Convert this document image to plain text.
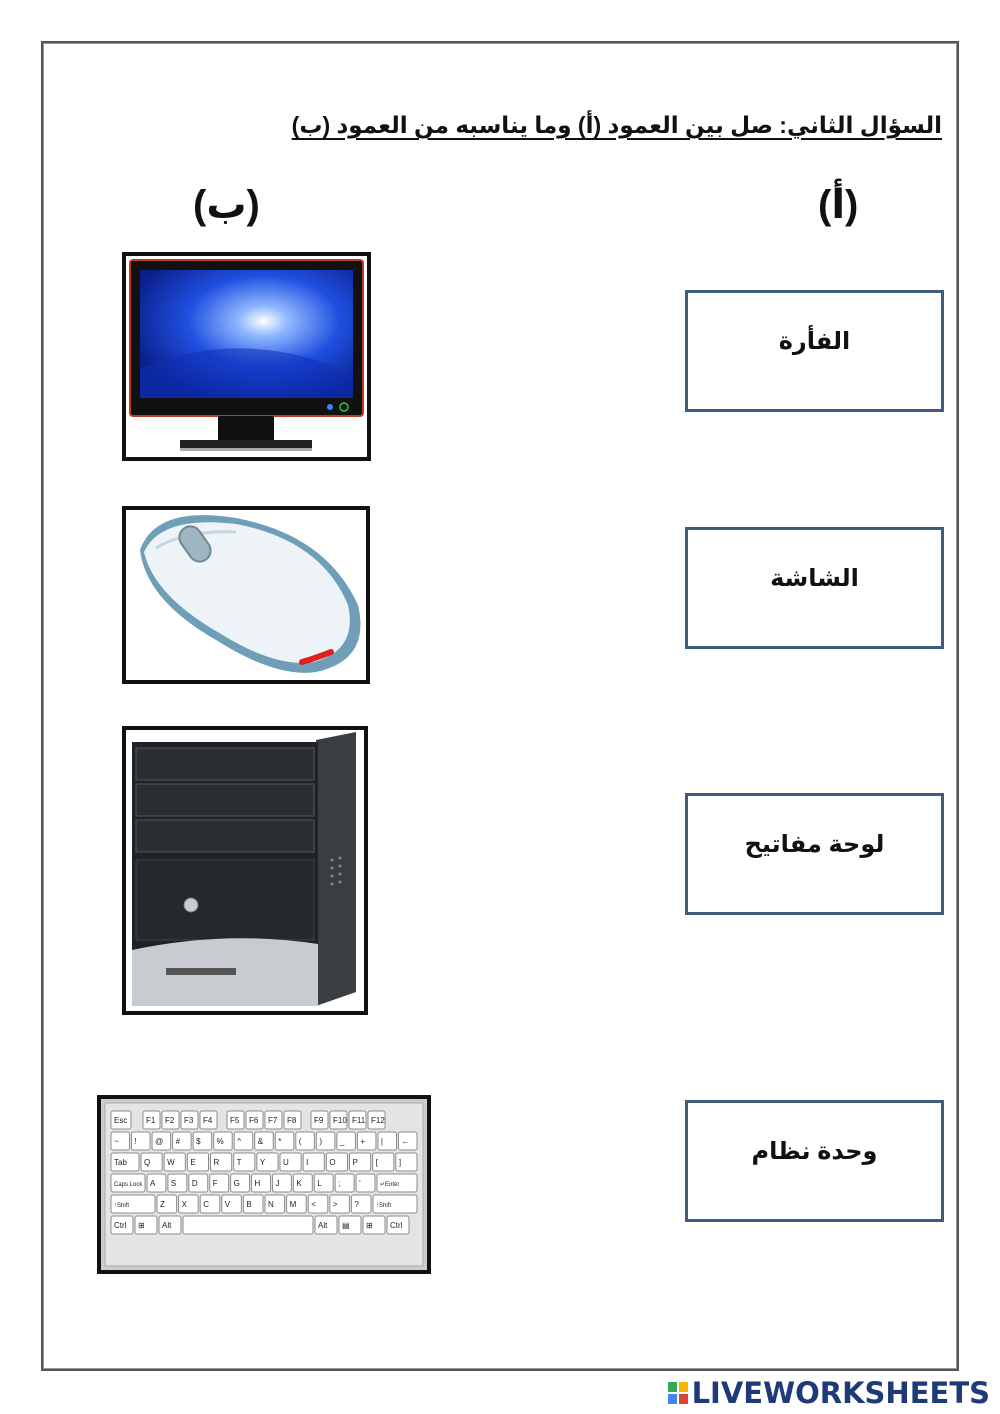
السؤال الثاني: صل بين العمود (أ) وما يناسبه من العمود (ب)
(أ)
(ب)
الفأرة
الشاشة
لوحة مفاتيح
وحدة نظام
Esc F1 F2 F3 F4 F5 F6 F7 F8 F9 F10 F11 F12
~ ! @ # $ % ^ & * ( ) _ + | ←
Tab Q W E R T Y U I	O P [	]
Caps Lock A S D F G H J K L ; '	↵Enter
↑Shift	Z X C V B N M < > ?	↑Shift
Ctrl ⊞ Alt	Alt ▤ ⊞ Ctrl
LIVEWORKSHEETS
